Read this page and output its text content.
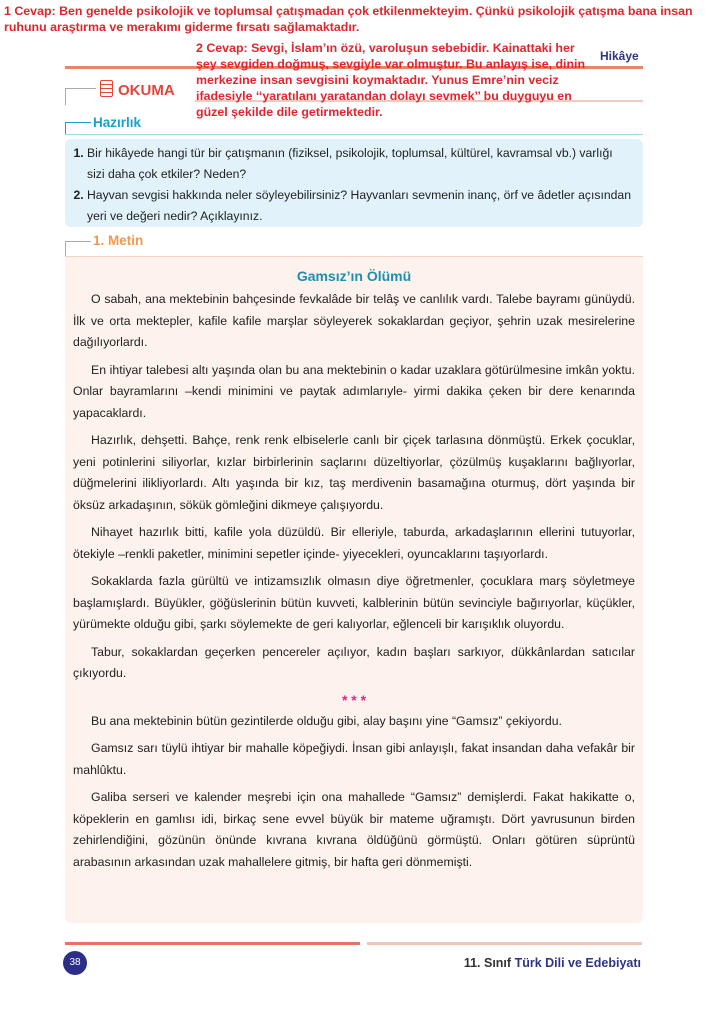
1 Cevap: Ben genelde psikolojik ve toplumsal çatışmadan çok etkilenmekteyim. Çünkü psikolojik çatışma bana insan ruhunu araştırma ve merakımı giderme fırsatı sağlamaktadır.
2 Cevap: Sevgi, İslam’ın özü, varoluşun sebebidir. Kainattaki her şey sevgiden doğmuş, sevgiyle var olmuştur. Bu anlayış ise, dinin merkezine insan sevgisini koymaktadır. Yunus Emre’nin veciz ifadesiyle ‘‘yaratılanı yaratandan dolayı sevmek’’ bu duyguyu en güzel şekilde dile getirmektedir.
Hikâye
OKUMA
Hazırlık
1. Bir hikâyede hangi tür bir çatışmanın (fiziksel, psikolojik, toplumsal, kültürel, kavramsal vb.) varlığı sizi daha çok etkiler? Neden?
2. Hayvan sevgisi hakkında neler söyleyebilirsiniz? Hayvanları sevmenin inanç, örf ve âdetler açısından yeri ve değeri nedir? Açıklayınız.
1. Metin
Gamsız’ın Ölümü

O sabah, ana mektebinin bahçesinde fevkalâde bir telâş ve canlılık vardı. Talebe bayramı günüydü. İlk ve orta mektepler, kafile kafile marşlar söyleyerek sokaklardan geçiyor, şehrin uzak mesirelerine dağılıyorlardı.

En ihtiyar talebesi altı yaşında olan bu ana mektebinin o kadar uzaklara götürülmesine imkân yoktu. Onlar bayramlarını –kendi minimini ve paytak adımlarıyle- yirmi dakika çeken bir dere kenarında yapacaklardı.

Hazırlık, dehşetti. Bahçe, renk renk elbiselerle canlı bir çiçek tarlasına dönmüştü. Erkek çocuklar, yeni potinlerini siliyorlar, kızlar birbirlerinin saçlarını düzeltiyorlar, çözülmüş kuşaklarını bağlıyorlar, düğmelerini ilikliyorlardı. Altı yaşında bir kız, taş merdivenin basamağına oturmuş, dört yaşında bir öksüz arkadaşının, sökük gömleğini dikmeye çalışıyordu.

Nihayet hazırlık bitti, kafile yola düzüldü. Bir elleriyle, taburda, arkadaşlarının ellerini tutuyorlar, ötekiyle –renkli paketler, minimini sepetler içinde- yiyecekleri, oyuncaklarını taşıyorlardı.

Sokaklarda fazla gürültü ve intizamsızlık olmasın diye öğretmenler, çocuklara marş söyletmeye başlamışlardı. Büyükler, göğüslerinin bütün kuvveti, kalblerinin bütün sevinciyle bağırıyorlar, küçükler, yürümekte olduğu gibi, şarkı söylemekte de geri kalıyorlar, eğlenceli bir karışıklık oluyordu.

Tabur, sokaklardan geçerken pencereler açılıyor, kadın başları sarkıyor, dükkânlardan satıcılar çıkıyordu.

* * *

Bu ana mektebinin bütün gezintilerde olduğu gibi, alay başını yine “Gamsız” çekiyordu.

Gamsız sarı tüylü ihtiyar bir mahalle köpeğiydi. İnsan gibi anlayışlı, fakat insandan daha vefakâr bir mahlûktu.

Galiba serseri ve kalender meşrebi için ona mahallede “Gamsız” demişlerdi. Fakat hakikatte o, köpeklerin en gamlısı idi, birkaç sene evvel büyük bir mateme uğramıştı. Dört yavrusunun birden zehirlendiğini, gözünün önünde kıvrana kıvrana öldüğünü görmüştü. Onları götüren süprüntü arabasının arkasından uzak mahallelere gitmiş, bir hafta geri dönmemişti.

38	11. Sınıf Türk Dili ve Edebiyatı
